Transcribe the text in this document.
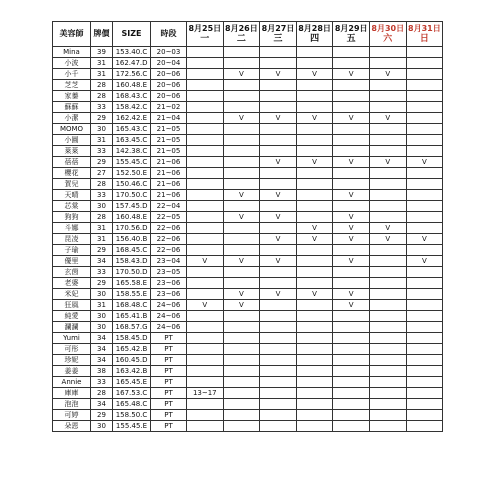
美容師	牌價	SIZE	時段	8月25日
一	8月26日
二	8月27日
三	8月28日
四	8月29日
五	8月30日
六	8月31日
日

Mina	39	153.40.C	20~03							
小波	31	162.47.D	20~04							
小千	31	172.56.C	20~06		V	V	V	V	V	
芝芝	28	160.48.E	20~06							
家蓁	28	168.43.C	20~06							
蘇蘇	33	158.42.C	21~02							
小潔	29	162.42.E	21~04		V	V	V	V	V	
MOMO	30	165.43.C	21~05							
小圓	31	163.45.C	21~05							
萊萊	33	142.38.C	21~05							
蓓蓓	29	155.45.C	21~06			V	V	V	V	V
櫻花	27	152.50.E	21~06							
賀兒	28	150.46.C	21~06							
天晴	33	170.50.C	21~06		V	V		V		
芯棠	30	157.45.D	22~04							
狗狗	28	160.48.E	22~05		V	V		V		
斗娜	31	170.56.D	22~06				V	V	V	
昆凌	31	156.40.B	22~06			V	V	V	V	V
子瑜	29	168.45.C	22~06							
優里	34	158.43.D	23~04	V	V	V		V		V
玄茵	33	170.50.D	23~05							
老婆	29	165.58.E	23~06							
米妃	30	158.55.E	23~06		V	V	V	V		
狂風	31	168.48.C	24~06	V	V			V		
純愛	30	165.41.B	24~06							
瀾瀾	30	168.57.G	24~06							
Yumi	34	158.45.D	PT							
可彤	34	165.42.B	PT							
珍妮	34	160.45.D	PT							
姜姜	38	163.42.B	PT							
Annie	33	165.45.E	PT							
庫庫	28	167.53.C	PT	13~17						
泡泡	34	165.48.C	PT							
可婷	29	158.50.C	PT							
朵恩	30	155.45.E	PT							
